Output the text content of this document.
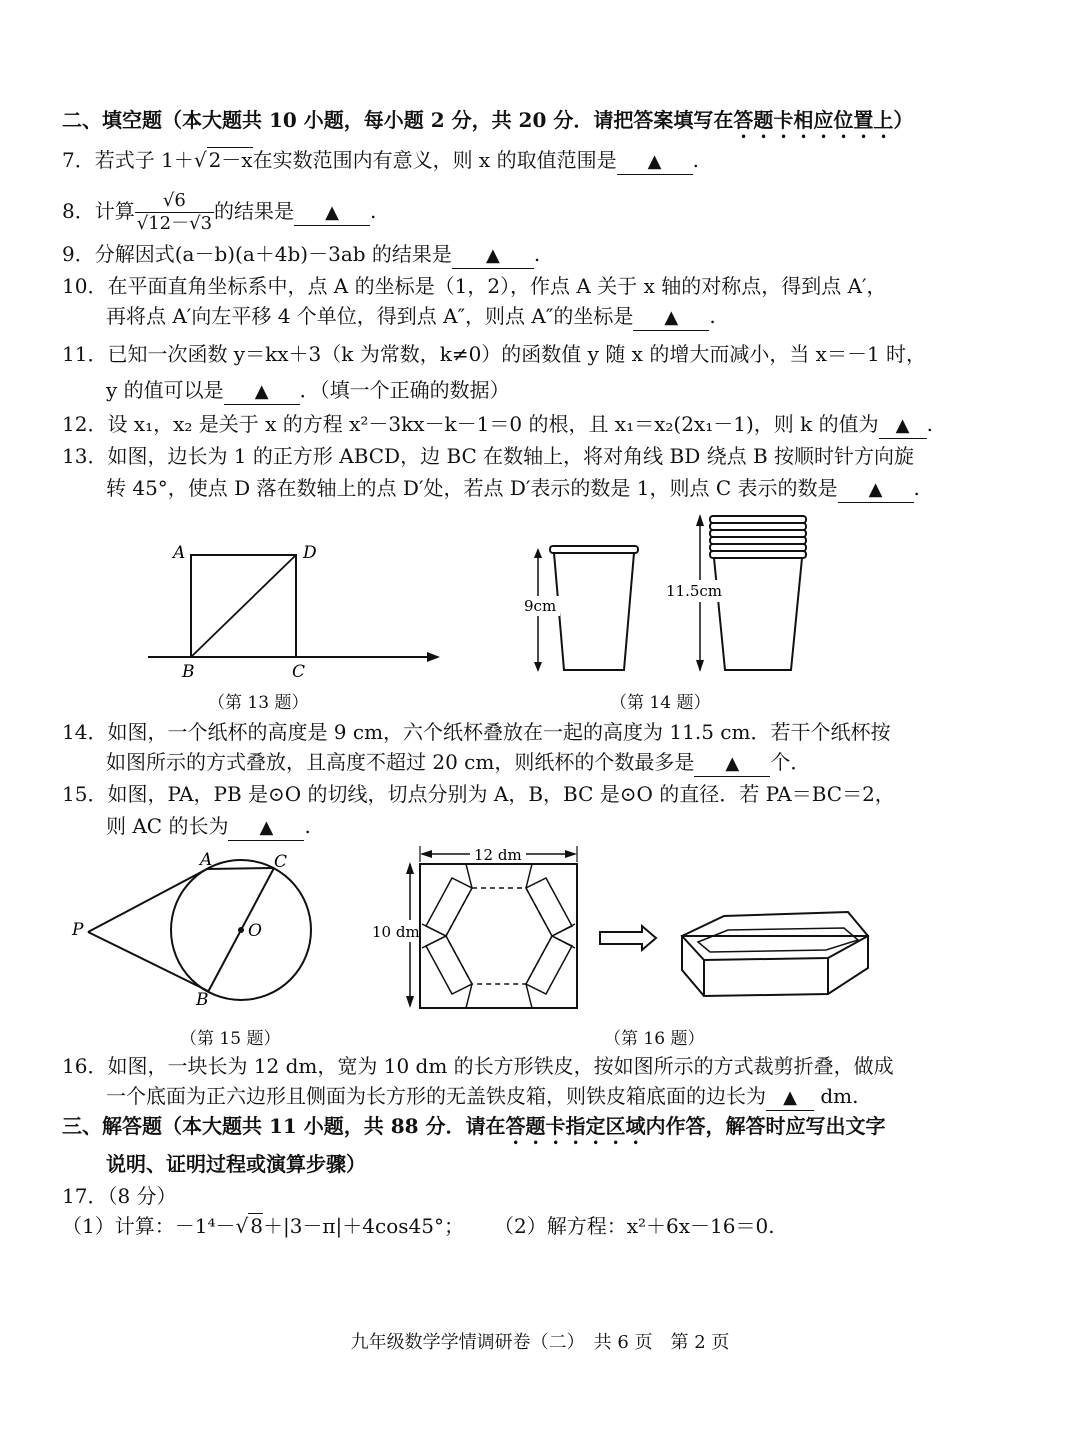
二、填空题（本大题共 10 小题，每小题 2 分，共 20 分．请把答案填写在答题卡相应位置上）
7．若式子 1＋√ 2－x在实数范围内有意义，则 x 的取值范围是 ▲ .
8．计算 $\frac{√6}{√12-√3}$ 的结果是 ▲ .
9．分解因式(a－b)(a＋4b)－3ab 的结果是 ▲ .
10．在平面直角坐标系中，点 A 的坐标是（1，2），作点 A 关于 x 轴的对称点，得到点 A′，
再将点 A′向左平移 4 个单位，得到点 A″，则点 A″的坐标是 ▲ .
11．已知一次函数 y＝kx＋3（k 为常数，k≠0）的函数值 y 随 x 的增大而减小，当 x＝－1 时，
y 的值可以是 ▲ ．（填一个正确的数据）
12．设 x₁，x₂ 是关于 x 的方程 x²－3kx－k－1＝0 的根，且 x₁＝x₂(2x₁－1)，则 k 的值为 ▲ .
13．如图，边长为 1 的正方形 ABCD，边 BC 在数轴上，将对角线 BD 绕点 B 按顺时针方向旋
转 45°，使点 D 落在数轴上的点 D′处，若点 D′表示的数是 1，则点 C 表示的数是 ▲ .
A	D
B	C
（第 13 题）
9cm
11.5cm
（第 14 题）
14．如图，一个纸杯的高度是 9 cm，六个纸杯叠放在一起的高度为 11.5 cm．若干个纸杯按
如图所示的方式叠放，且高度不超过 20 cm，则纸杯的个数最多是 ▲ 个．
15．如图，PA，PB 是⊙O 的切线，切点分别为 A，B，BC 是⊙O 的直径．若 PA＝BC＝2，
则 AC 的长为 ▲ .
P
A	C
O
B
（第 15 题）
12 dm
10 dm
（第 16 题）
16．如图，一块长为 12 dm，宽为 10 dm 的长方形铁皮，按如图所示的方式裁剪折叠，做成
一个底面为正六边形且侧面为长方形的无盖铁皮箱，则铁皮箱底面的边长为 ▲ dm.
三、解答题（本大题共 11 小题，共 88 分．请在答题卡指定区域内作答，解答时应写出文字
说明、证明过程或演算步骤）
17．（8 分）
（1）计算：－1⁴－√ 8＋|3－π|＋4cos45°； （2）解方程：x²＋6x－16＝0.
九年级数学学情调研卷（二）　共 6 页　第 2 页
